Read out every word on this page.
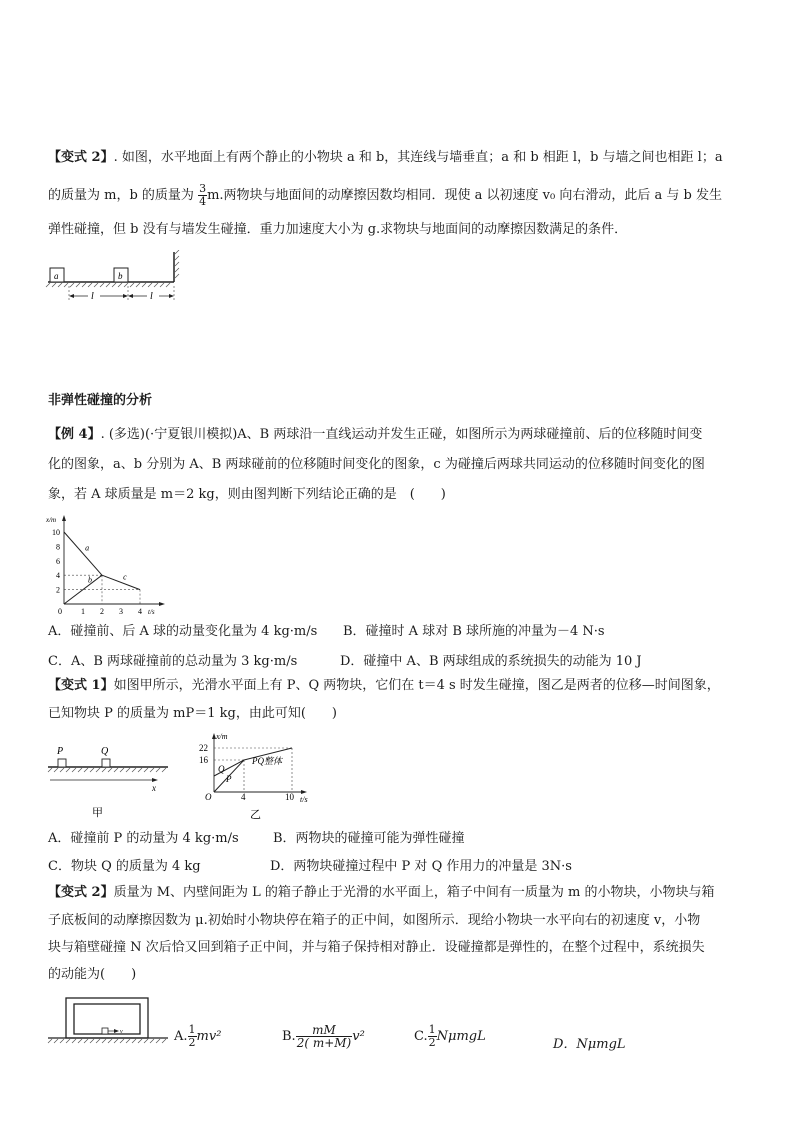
【变式 2】. 如图，水平地面上有两个静止的小物块 a 和 b，其连线与墙垂直；a 和 b 相距 l，b 与墙之间也相距 l；a
的质量为 m，b 的质量为 $\frac{3}{4} m$.两物块与地面间的动摩擦因数均相同．现使 a 以初速度 v₀ 向右滑动，此后 a 与 b 发生
弹性碰撞，但 b 没有与墙发生碰撞．重力加速度大小为 g.求物块与地面间的动摩擦因数满足的条件．
a	b
l	l
非弹性碰撞的分析
【例 4】. (多选)(·宁夏银川模拟)A、B 两球沿一直线运动并发生正碰，如图所示为两球碰撞前、后的位移随时间变
化的图象，a、b 分别为 A、B 两球碰前的位移随时间变化的图象，c 为碰撞后两球共同运动的位移随时间变化的图
象，若 A 球质量是 m＝2 kg，则由图判断下列结论正确的是　(　　)
x/m
t/s
2
4
6
8
10
0 1 2 3 4
a
b	c
A．碰撞前、后 A 球的动量变化量为 4 kg·m/s B．碰撞时 A 球对 B 球所施的冲量为－4 N·s
C．A、B 两球碰撞前的总动量为 3 kg·m/s	D．碰撞中 A、B 两球组成的系统损失的动能为 10 J
【变式 1】如图甲所示，光滑水平面上有 P、Q 两物块，它们在 t＝4 s 时发生碰撞，图乙是两者的位移—时间图象，
已知物块 P 的质量为 mP＝1 kg，由此可知(　　)
P	Q
x
甲
x/m
t/s
22
16
O	4	10
Q
P
PQ整体
乙
A．碰撞前 P 的动量为 4 kg·m/s	B．两物块的碰撞可能为弹性碰撞
C．物块 Q 的质量为 4 kg	D．两物块碰撞过程中 P 对 Q 作用力的冲量是 3N·s
【变式 2】质量为 M、内壁间距为 L 的箱子静止于光滑的水平面上，箱子中间有一质量为 m 的小物块，小物块与箱
子底板间的动摩擦因数为 μ.初始时小物块停在箱子的正中间，如图所示．现给小物块一水平向右的初速度 v，小物
块与箱壁碰撞 N 次后恰又回到箱子正中间，并与箱子保持相对静止．设碰撞都是弹性的，在整个过程中，系统损失
的动能为(　　)
v	A. $\frac{1}{2} mv^2$	B. $\frac{mM}{2( m+M)} v^2$	C. $\frac{1}{2}$ NμmgL
D．NμmgL
